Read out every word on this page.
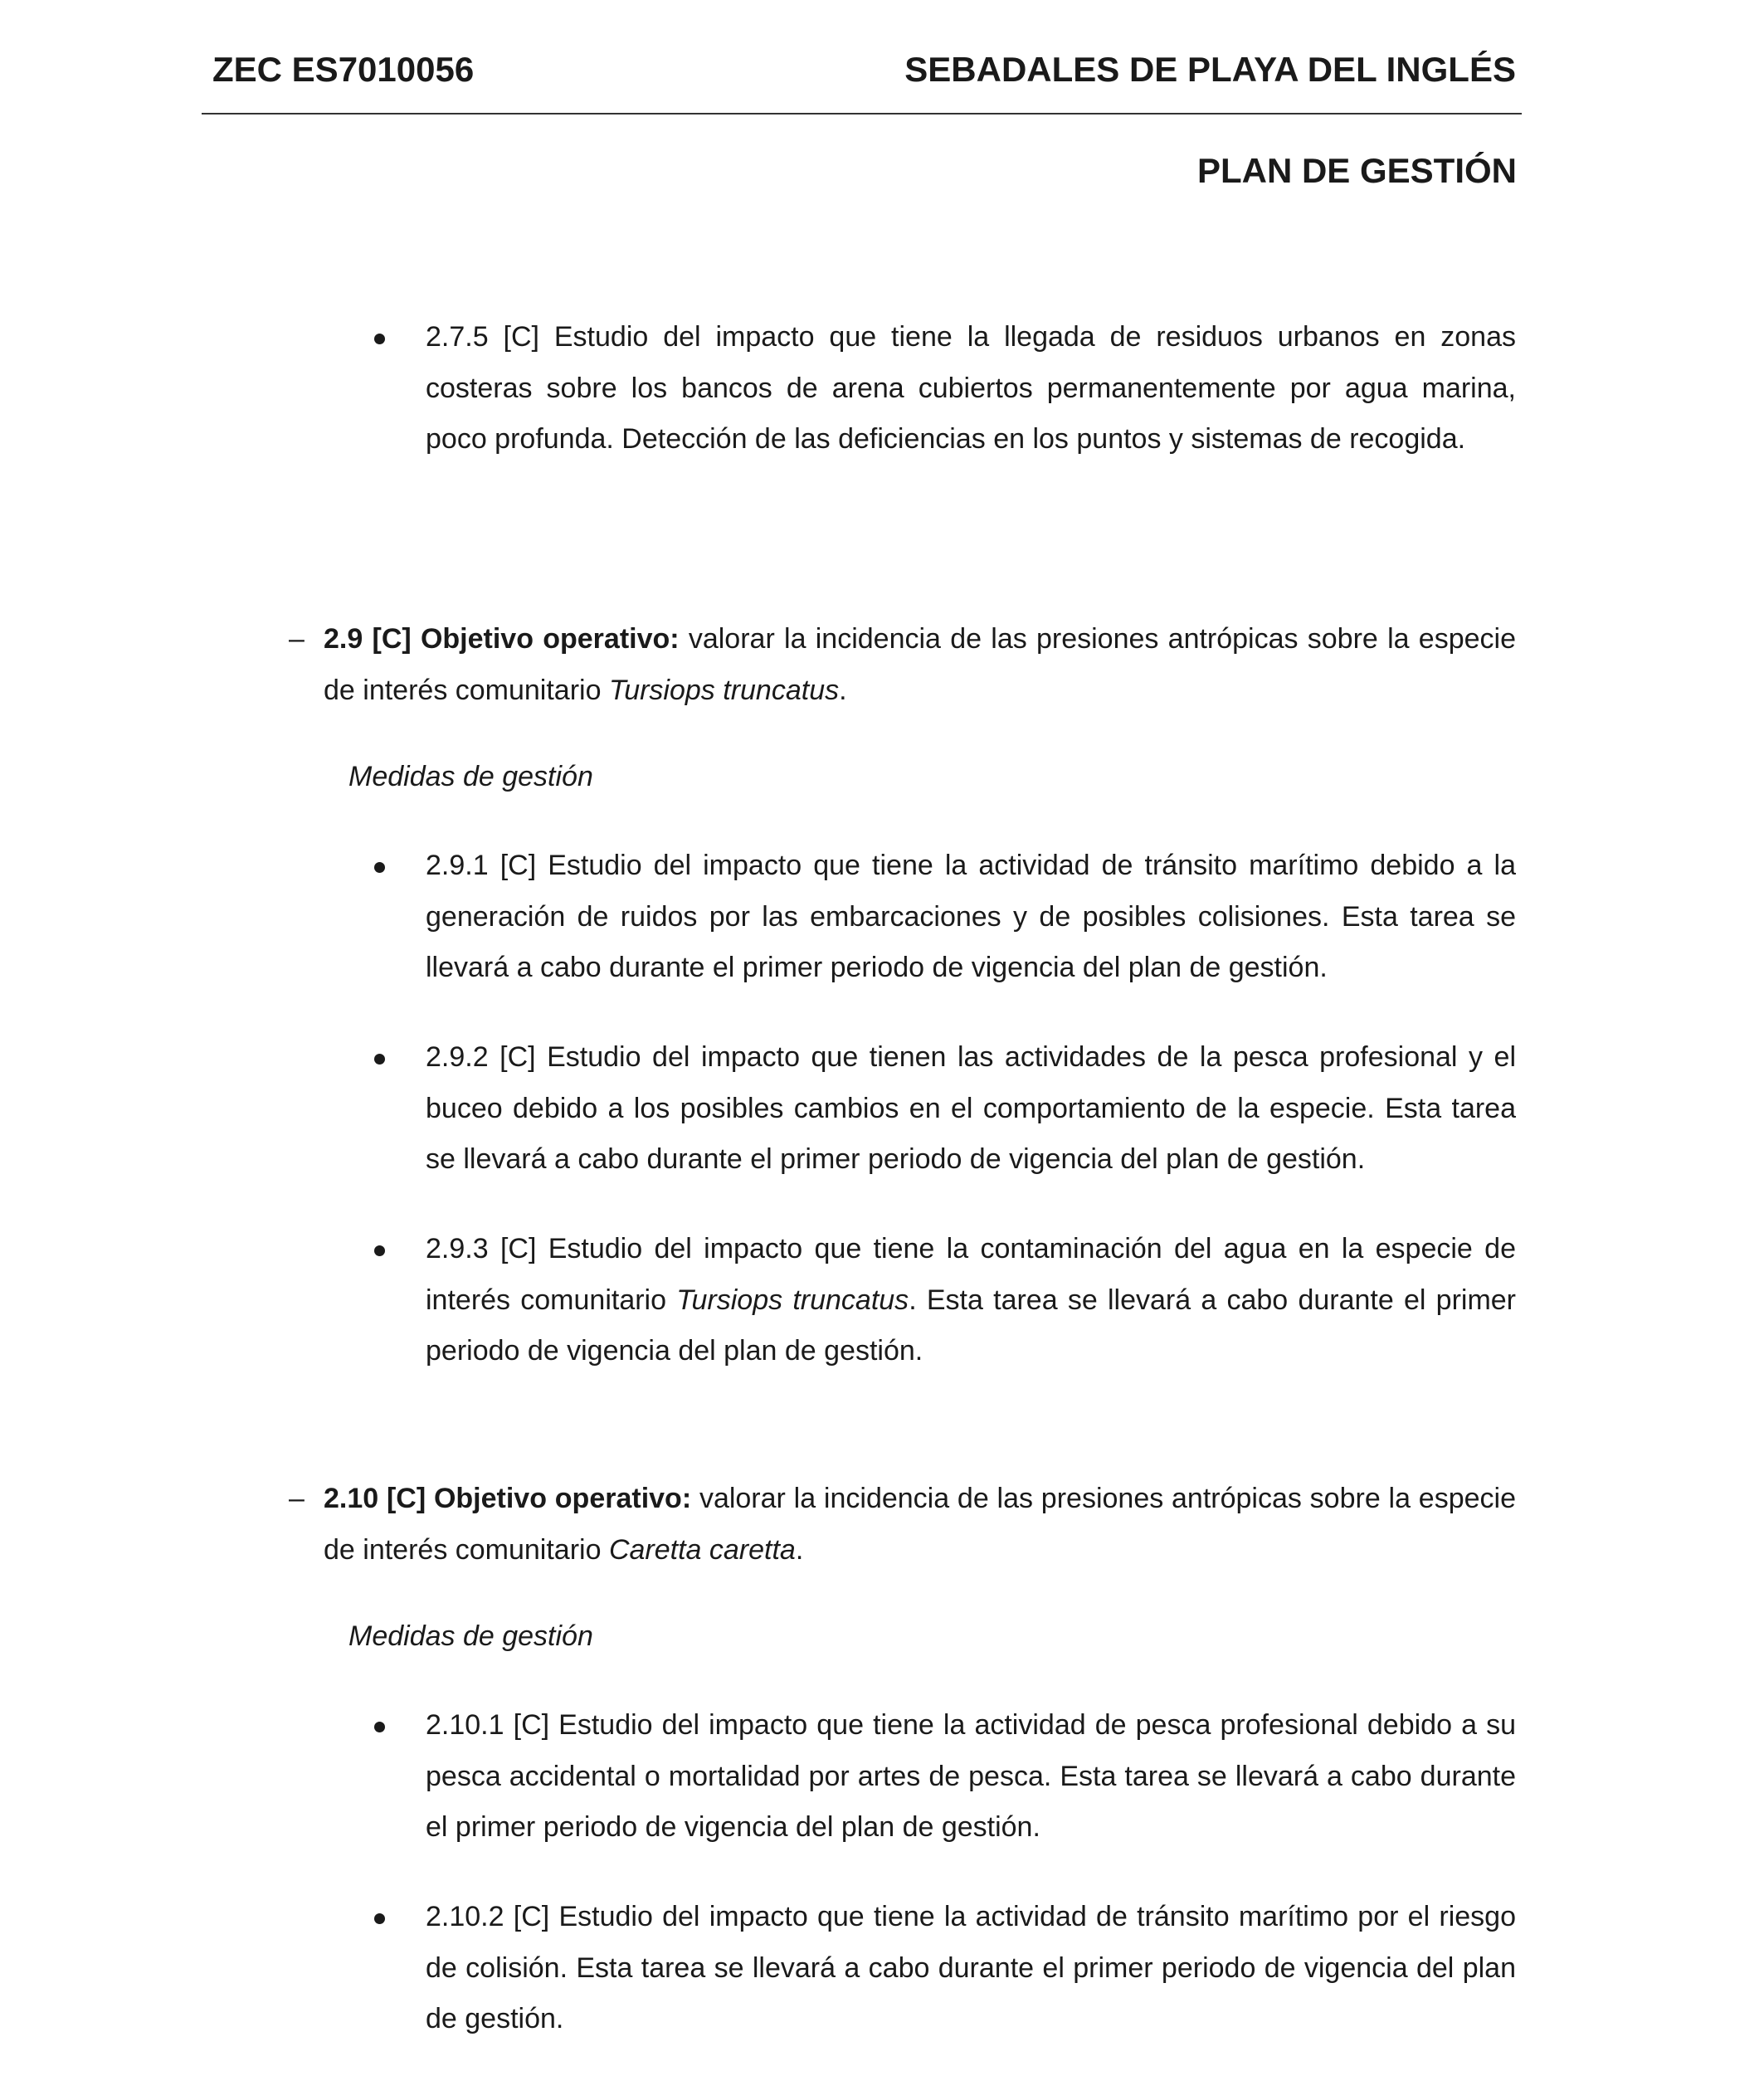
ZEC ES7010056	SEBADALES DE PLAYA DEL INGLÉS
PLAN DE GESTIÓN

2.7.5 [C] Estudio del impacto que tiene la llegada de residuos urbanos en zonas costeras sobre los bancos de arena cubiertos permanentemente por agua marina, poco profunda. Detección de las deficiencias en los puntos y sistemas de recogida.

– 2.9 [C] Objetivo operativo: valorar la incidencia de las presiones antrópicas sobre la especie de interés comunitario Tursiops truncatus.

Medidas de gestión

2.9.1 [C] Estudio del impacto que tiene la actividad de tránsito marítimo debido a la generación de ruidos por las embarcaciones y de posibles colisiones. Esta tarea se llevará a cabo durante el primer periodo de vigencia del plan de gestión.

2.9.2 [C] Estudio del impacto que tienen las actividades de la pesca profesional y el buceo debido a los posibles cambios en el comportamiento de la especie. Esta tarea se llevará a cabo durante el primer periodo de vigencia del plan de gestión.

2.9.3 [C] Estudio del impacto que tiene la contaminación del agua en la especie de interés comunitario Tursiops truncatus. Esta tarea se llevará a cabo durante el primer periodo de vigencia del plan de gestión.

– 2.10 [C] Objetivo operativo: valorar la incidencia de las presiones antrópicas sobre la especie de interés comunitario Caretta caretta.

Medidas de gestión

2.10.1 [C] Estudio del impacto que tiene la actividad de pesca profesional debido a su pesca accidental o mortalidad por artes de pesca. Esta tarea se llevará a cabo durante el primer periodo de vigencia del plan de gestión.

2.10.2 [C] Estudio del impacto que tiene la actividad de tránsito marítimo por el riesgo de colisión. Esta tarea se llevará a cabo durante el primer periodo de vigencia del plan de gestión.
